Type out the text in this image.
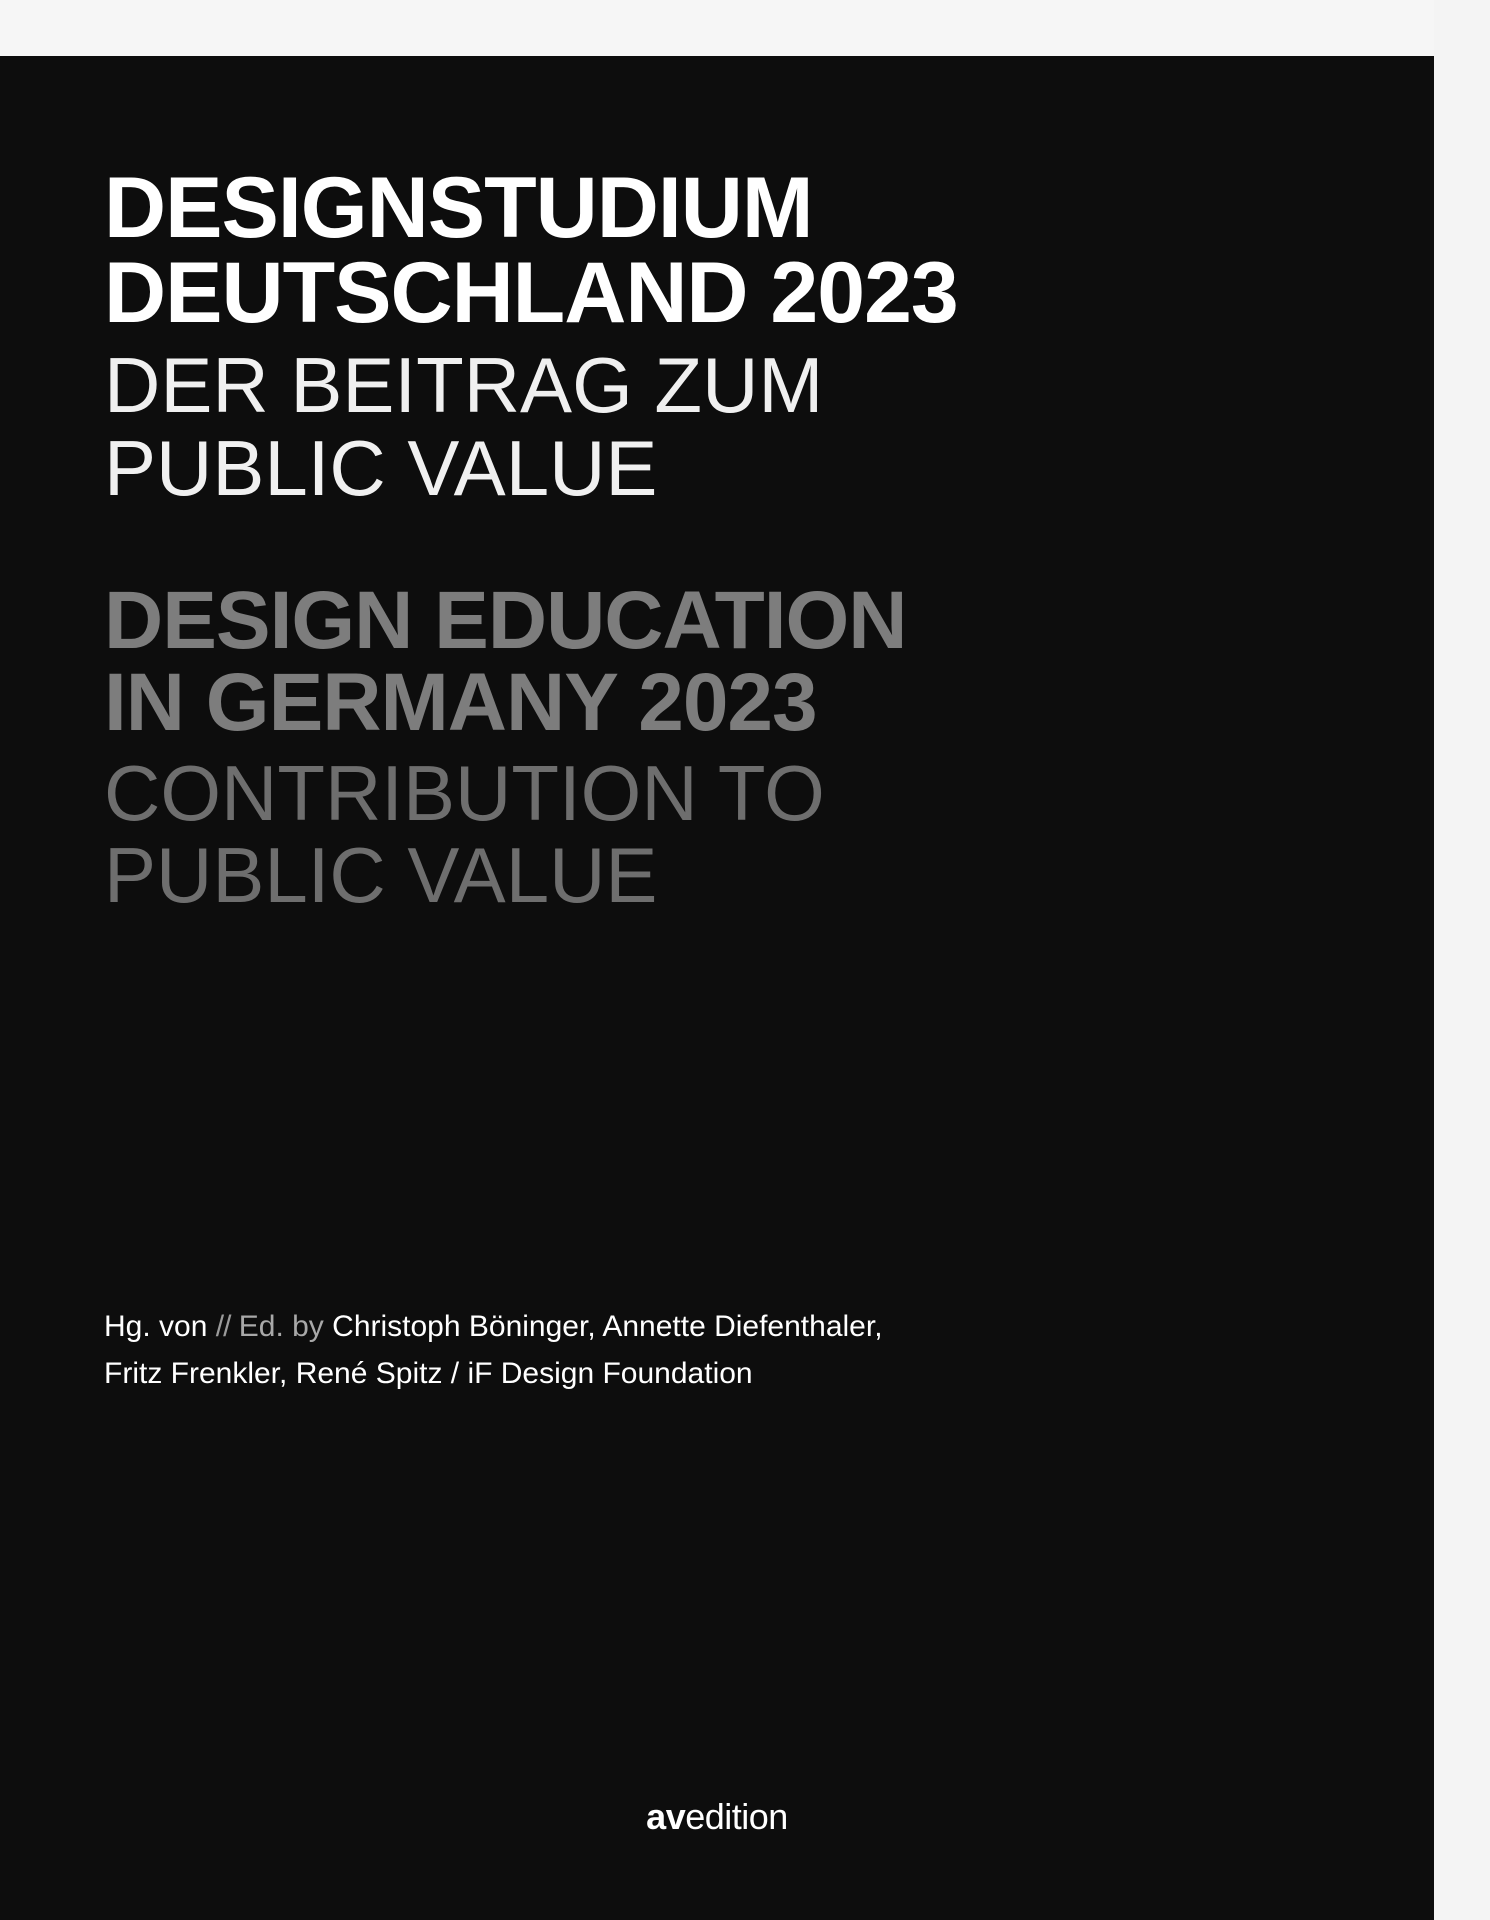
DESIGNSTUDIUM
DEUTSCHLAND 2023
DER BEITRAG ZUM
PUBLIC VALUE
DESIGN EDUCATION
IN GERMANY 2023
CONTRIBUTION TO
PUBLIC VALUE
Hg. von // Ed. by Christoph Böninger, Annette Diefenthaler,
Fritz Frenkler, René Spitz / iF Design Foundation
avedition
